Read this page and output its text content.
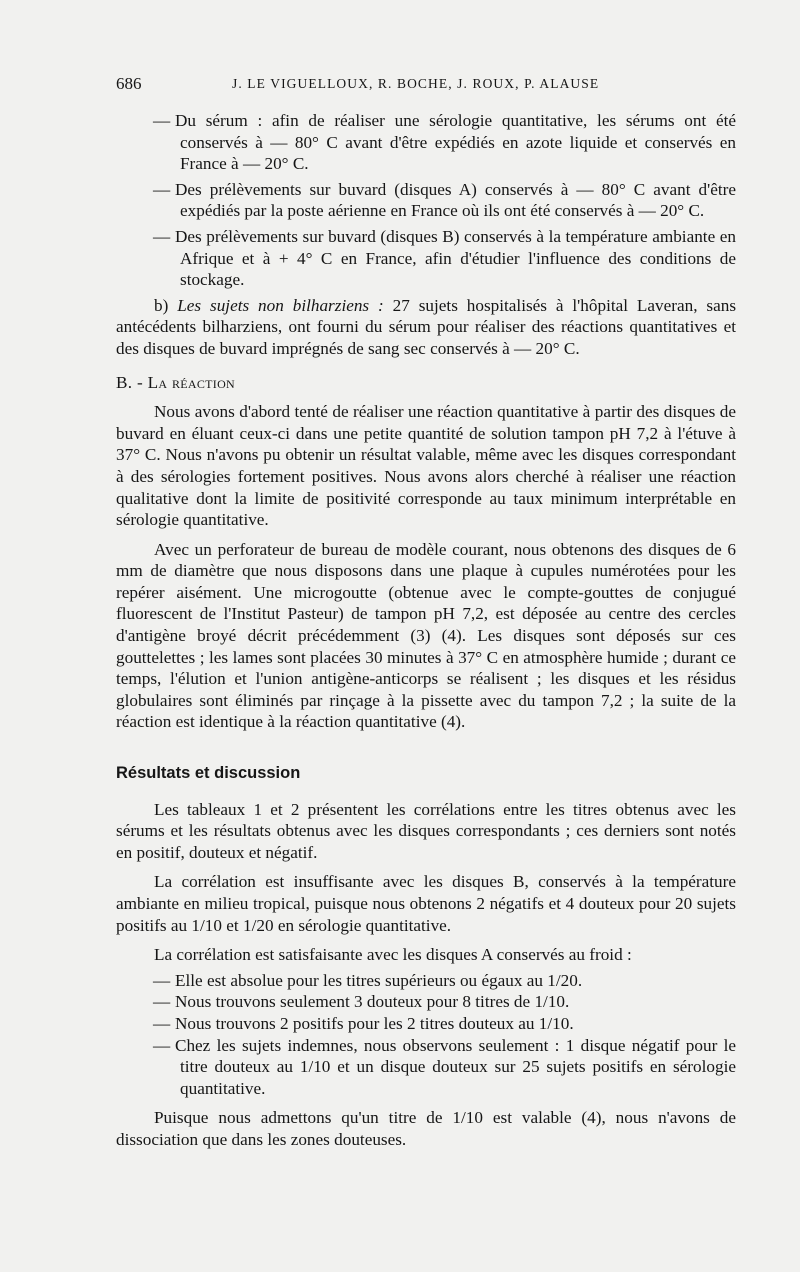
686	J. LE VIGUELLOUX, R. BOCHE, J. ROUX, P. ALAUSE

— Du sérum : afin de réaliser une sérologie quantitative, les sérums ont été conservés à — 80° C avant d'être expédiés en azote liquide et conservés en France à — 20° C.

— Des prélèvements sur buvard (disques A) conservés à — 80° C avant d'être expédiés par la poste aérienne en France où ils ont été conservés à — 20° C.

— Des prélèvements sur buvard (disques B) conservés à la température ambiante en Afrique et à + 4° C en France, afin d'étudier l'influence des conditions de stockage.

b) Les sujets non bilharziens : 27 sujets hospitalisés à l'hôpital Laveran, sans antécédents bilharziens, ont fourni du sérum pour réaliser des réactions quantitatives et des disques de buvard imprégnés de sang sec conservés à — 20° C.

B. - La réaction

Nous avons d'abord tenté de réaliser une réaction quantitative à partir des disques de buvard en éluant ceux-ci dans une petite quantité de solution tampon pH 7,2 à l'étuve à 37° C. Nous n'avons pu obtenir un résultat valable, même avec les disques correspondant à des sérologies fortement positives. Nous avons alors cherché à réaliser une réaction qualitative dont la limite de positivité corresponde au taux minimum interprétable en sérologie quantitative.

Avec un perforateur de bureau de modèle courant, nous obtenons des disques de 6 mm de diamètre que nous disposons dans une plaque à cupules numérotées pour les repérer aisément. Une microgoutte (obtenue avec le compte-gouttes de conjugué fluorescent de l'Institut Pasteur) de tampon pH 7,2, est déposée au centre des cercles d'antigène broyé décrit précédemment (3) (4). Les disques sont déposés sur ces gouttelettes ; les lames sont placées 30 minutes à 37° C en atmosphère humide ; durant ce temps, l'élution et l'union antigène-anticorps se réalisent ; les disques et les résidus globulaires sont éliminés par rinçage à la pissette avec du tampon 7,2 ; la suite de la réaction est identique à la réaction quantitative (4).

Résultats et discussion

Les tableaux 1 et 2 présentent les corrélations entre les titres obtenus avec les sérums et les résultats obtenus avec les disques correspondants ; ces derniers sont notés en positif, douteux et négatif.

La corrélation est insuffisante avec les disques B, conservés à la température ambiante en milieu tropical, puisque nous obtenons 2 négatifs et 4 douteux pour 20 sujets positifs au 1/10 et 1/20 en sérologie quantitative.

La corrélation est satisfaisante avec les disques A conservés au froid :

— Elle est absolue pour les titres supérieurs ou égaux au 1/20.

— Nous trouvons seulement 3 douteux pour 8 titres de 1/10.

— Nous trouvons 2 positifs pour les 2 titres douteux au 1/10.

— Chez les sujets indemnes, nous observons seulement : 1 disque négatif pour le titre douteux au 1/10 et un disque douteux sur 25 sujets positifs en sérologie quantitative.

Puisque nous admettons qu'un titre de 1/10 est valable (4), nous n'avons de dissociation que dans les zones douteuses.
